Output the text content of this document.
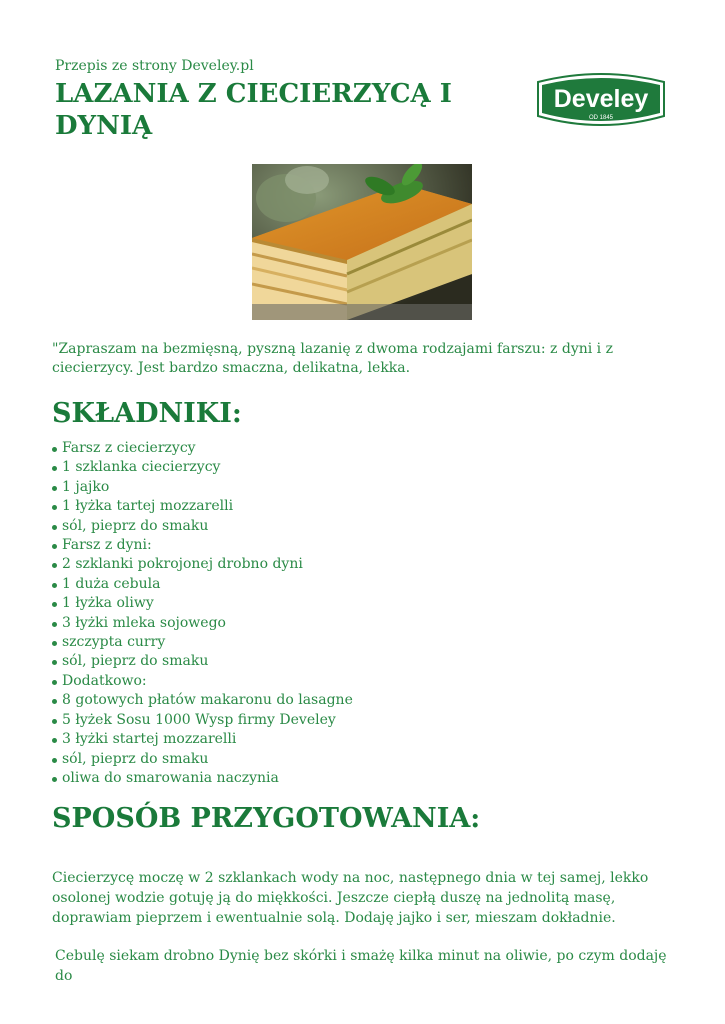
Przepis ze strony Develey.pl
LAZANIA Z CIECIERZYCĄ I DYNIĄ
Develey
OD 1845
"Zapraszam na bezmięsną, pyszną lazanię z dwoma rodzajami farszu: z dyni i z ciecierzycy. Jest bardzo smaczna, delikatna, lekka.
SKŁADNIKI:
Farsz z ciecierzycy
1 szklanka ciecierzycy
1 jajko
1 łyżka tartej mozzarelli
sól, pieprz do smaku
Farsz z dyni:
2 szklanki pokrojonej drobno dyni
1 duża cebula
1 łyżka oliwy
3 łyżki mleka sojowego
szczypta curry
sól, pieprz do smaku
Dodatkowo:
8 gotowych płatów makaronu do lasagne
5 łyżek Sosu 1000 Wysp firmy Develey
3 łyżki startej mozzarelli
sól, pieprz do smaku
oliwa do smarowania naczynia
SPOSÓB PRZYGOTOWANIA:

Ciecierzycę moczę w 2 szklankach wody na noc, następnego dnia w tej samej, lekko osolonej wodzie gotuję ją do miękkości. Jeszcze ciepłą duszę na jednolitą masę, doprawiam pieprzem i ewentualnie solą. Dodaję jajko i ser, mieszam dokładnie.

Cebulę siekam drobno Dynię bez skórki i smażę kilka minut na oliwie, po czym dodaję do
